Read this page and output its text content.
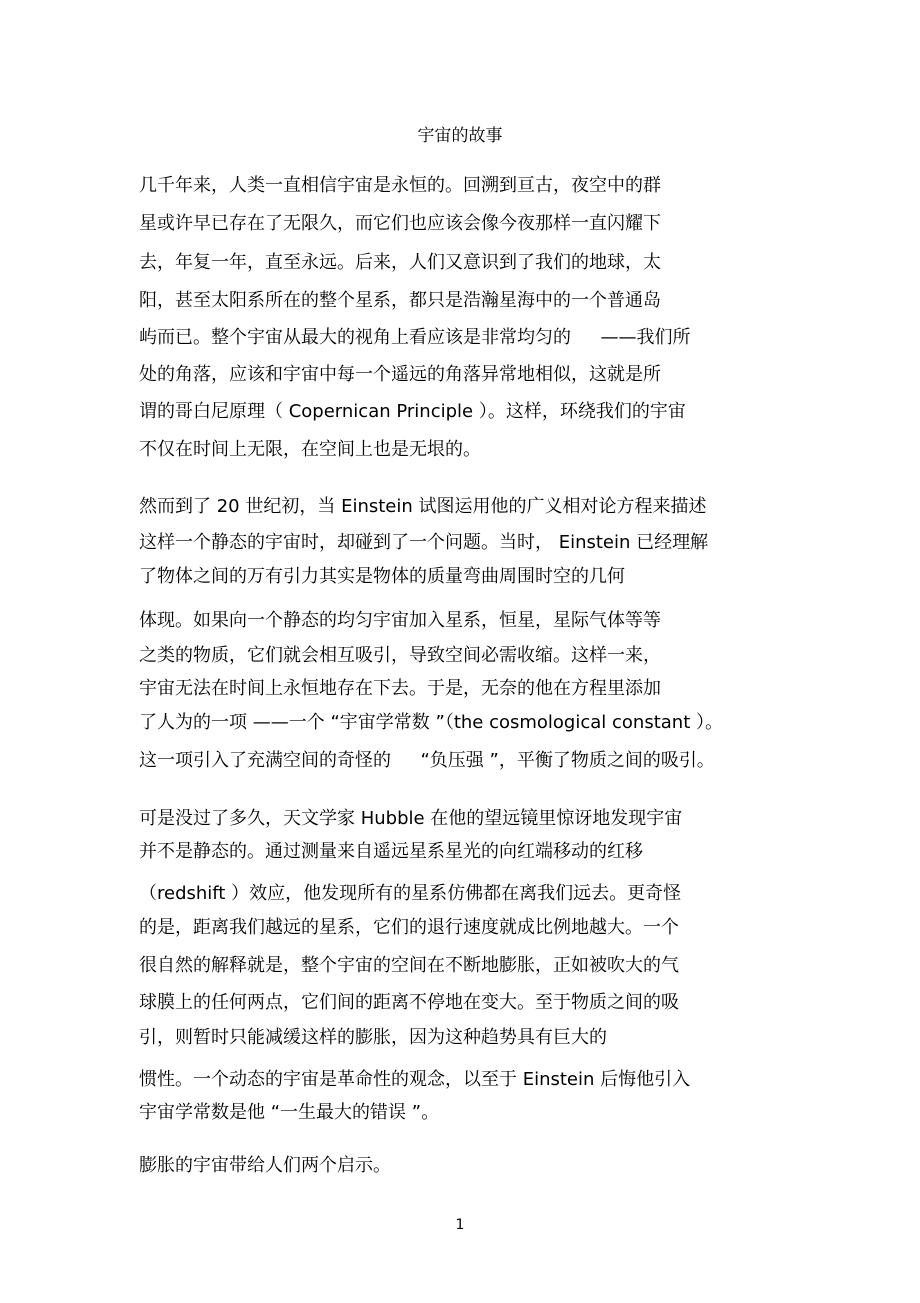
宇宙的故事
几千年来，人类一直相信宇宙是永恒的。回溯到亘古，夜空中的群
星或许早已存在了无限久，而它们也应该会像今夜那样一直闪耀下
去，年复一年，直至永远。后来，人们又意识到了我们的地球，太
阳，甚至太阳系所在的整个星系，都只是浩瀚星海中的一个普通岛
屿而已。整个宇宙从最大的视角上看应该是非常均匀的 　 ——我们所
处的角落，应该和宇宙中每一个遥远的角落异常地相似，这就是所
谓的哥白尼原理（ Copernican Principle ）。这样，环绕我们的宇宙
不仅在时间上无限，在空间上也是无垠的。
然而到了 20 世纪初，当 Einstein 试图运用他的广义相对论方程来描述
这样一个静态的宇宙时，却碰到了一个问题。当时， Einstein 已经理解
了物体之间的万有引力其实是物体的质量弯曲周围时空的几何
体现。如果向一个静态的均匀宇宙加入星系，恒星，星际气体等等
之类的物质，它们就会相互吸引，导致空间必需收缩。这样一来，
宇宙无法在时间上永恒地存在下去。于是，无奈的他在方程里添加
了人为的一项 ——一个 “宇宙学常数 ”（the cosmological constant ）。
这一项引入了充满空间的奇怪的 　 “负压强 ”，平衡了物质之间的吸引。
可是没过了多久，天文学家 Hubble 在他的望远镜里惊讶地发现宇宙
并不是静态的。通过测量来自遥远星系星光的向红端移动的红移
（redshift ）效应，他发现所有的星系仿佛都在离我们远去。更奇怪
的是，距离我们越远的星系，它们的退行速度就成比例地越大。一个
很自然的解释就是，整个宇宙的空间在不断地膨胀，正如被吹大的气
球膜上的任何两点，它们间的距离不停地在变大。至于物质之间的吸
引，则暂时只能减缓这样的膨胀，因为这种趋势具有巨大的
惯性。一个动态的宇宙是革命性的观念，以至于 Einstein 后悔他引入
宇宙学常数是他 “一生最大的错误 ”。
膨胀的宇宙带给人们两个启示。
1
